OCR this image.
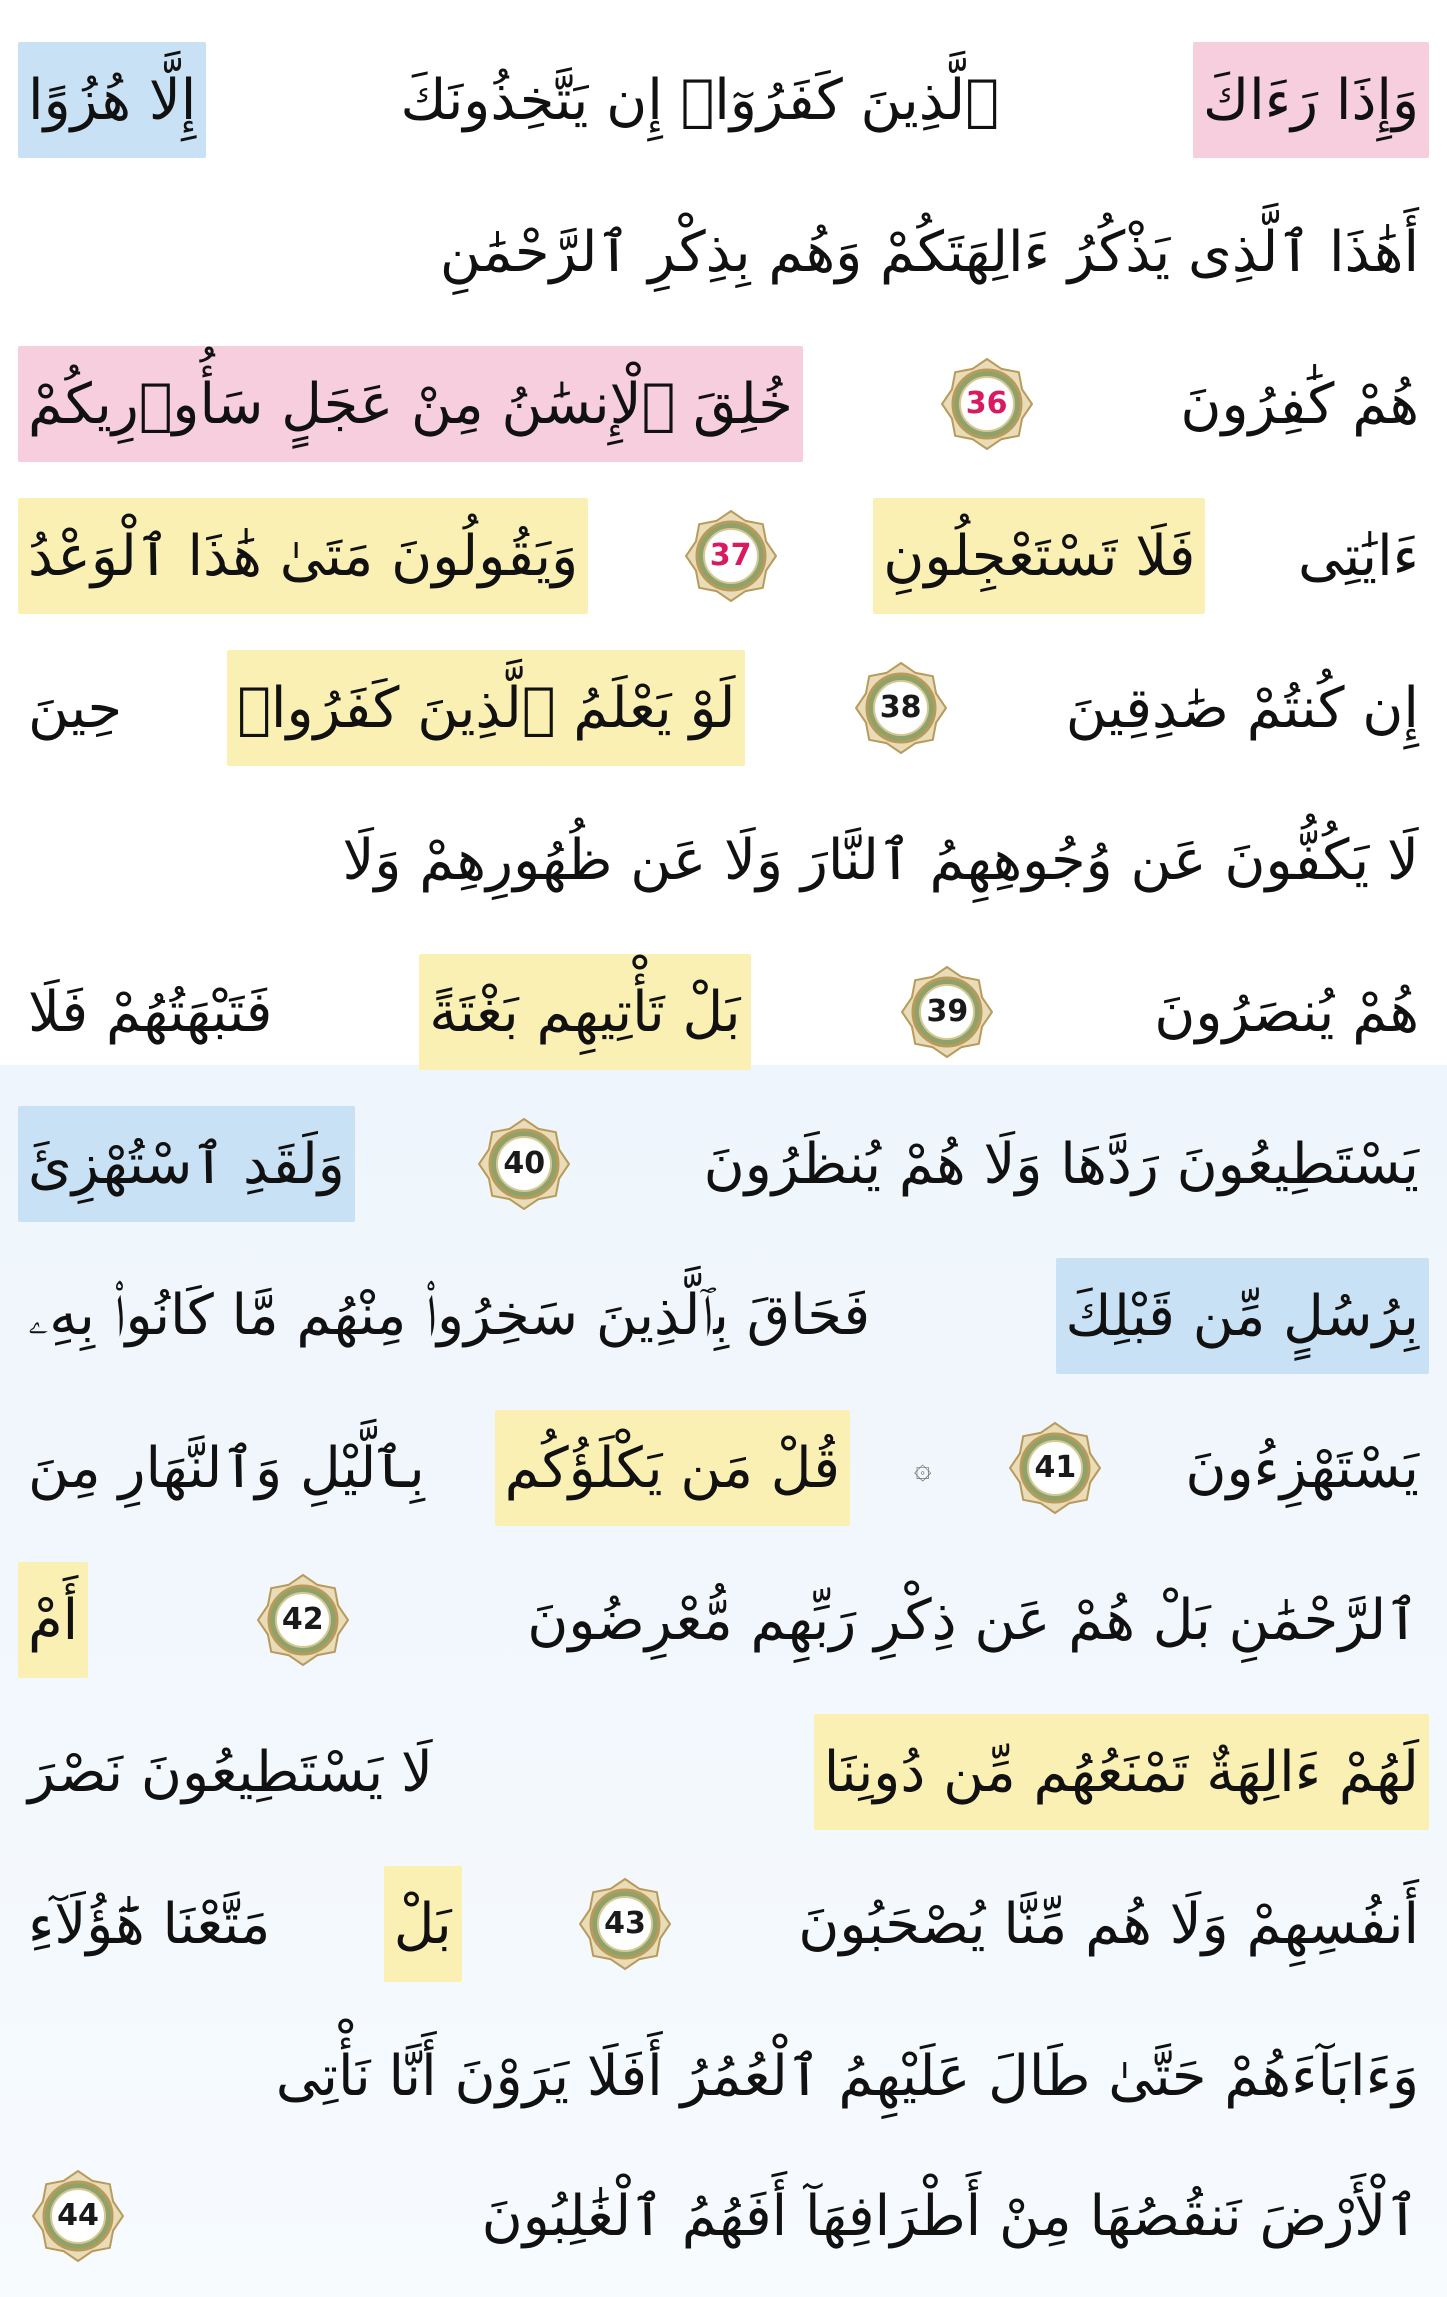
وَإِذَا رَءَاكَ
ٱلَّذِينَ كَفَرُوٓا۟ إِن يَتَّخِذُونَكَ
إِلَّا هُزُوًا
أَهَٰذَا ٱلَّذِى يَذْكُرُ ءَالِهَتَكُمْ وَهُم بِذِكْرِ ٱلرَّحْمَٰنِ
هُمْ كَٰفِرُونَ
36
خُلِقَ ٱلْإِنسَٰنُ مِنْ عَجَلٍ سَأُو۟رِيكُمْ
ءَايَٰتِى
فَلَا تَسْتَعْجِلُونِ
37
وَيَقُولُونَ مَتَىٰ هَٰذَا ٱلْوَعْدُ
إِن كُنتُمْ صَٰدِقِينَ
38
لَوْ يَعْلَمُ ٱلَّذِينَ كَفَرُوا۟
حِينَ
لَا يَكُفُّونَ عَن وُجُوهِهِمُ ٱلنَّارَ وَلَا عَن ظُهُورِهِمْ وَلَا
هُمْ يُنصَرُونَ
39
بَلْ تَأْتِيهِم بَغْتَةً
فَتَبْهَتُهُمْ فَلَا
يَسْتَطِيعُونَ رَدَّهَا وَلَا هُمْ يُنظَرُونَ
40
وَلَقَدِ ٱسْتُهْزِئَ
بِرُسُلٍ مِّن قَبْلِكَ
فَحَاقَ بِٱلَّذِينَ سَخِرُوا۟ مِنْهُم مَّا كَانُوا۟ بِهِۦ
يَسْتَهْزِءُونَ
41
۞
قُلْ مَن يَكْلَؤُكُم
بِٱلَّيْلِ وَٱلنَّهَارِ مِنَ
ٱلرَّحْمَٰنِ بَلْ هُمْ عَن ذِكْرِ رَبِّهِم مُّعْرِضُونَ
42
أَمْ
لَهُمْ ءَالِهَةٌ تَمْنَعُهُم مِّن دُونِنَا
لَا يَسْتَطِيعُونَ نَصْرَ
أَنفُسِهِمْ وَلَا هُم مِّنَّا يُصْحَبُونَ
43
بَلْ
مَتَّعْنَا هَٰٓؤُلَآءِ
وَءَابَآءَهُمْ حَتَّىٰ طَالَ عَلَيْهِمُ ٱلْعُمُرُ أَفَلَا يَرَوْنَ أَنَّا نَأْتِى
ٱلْأَرْضَ نَنقُصُهَا مِنْ أَطْرَافِهَآ أَفَهُمُ ٱلْغَٰلِبُونَ
44
